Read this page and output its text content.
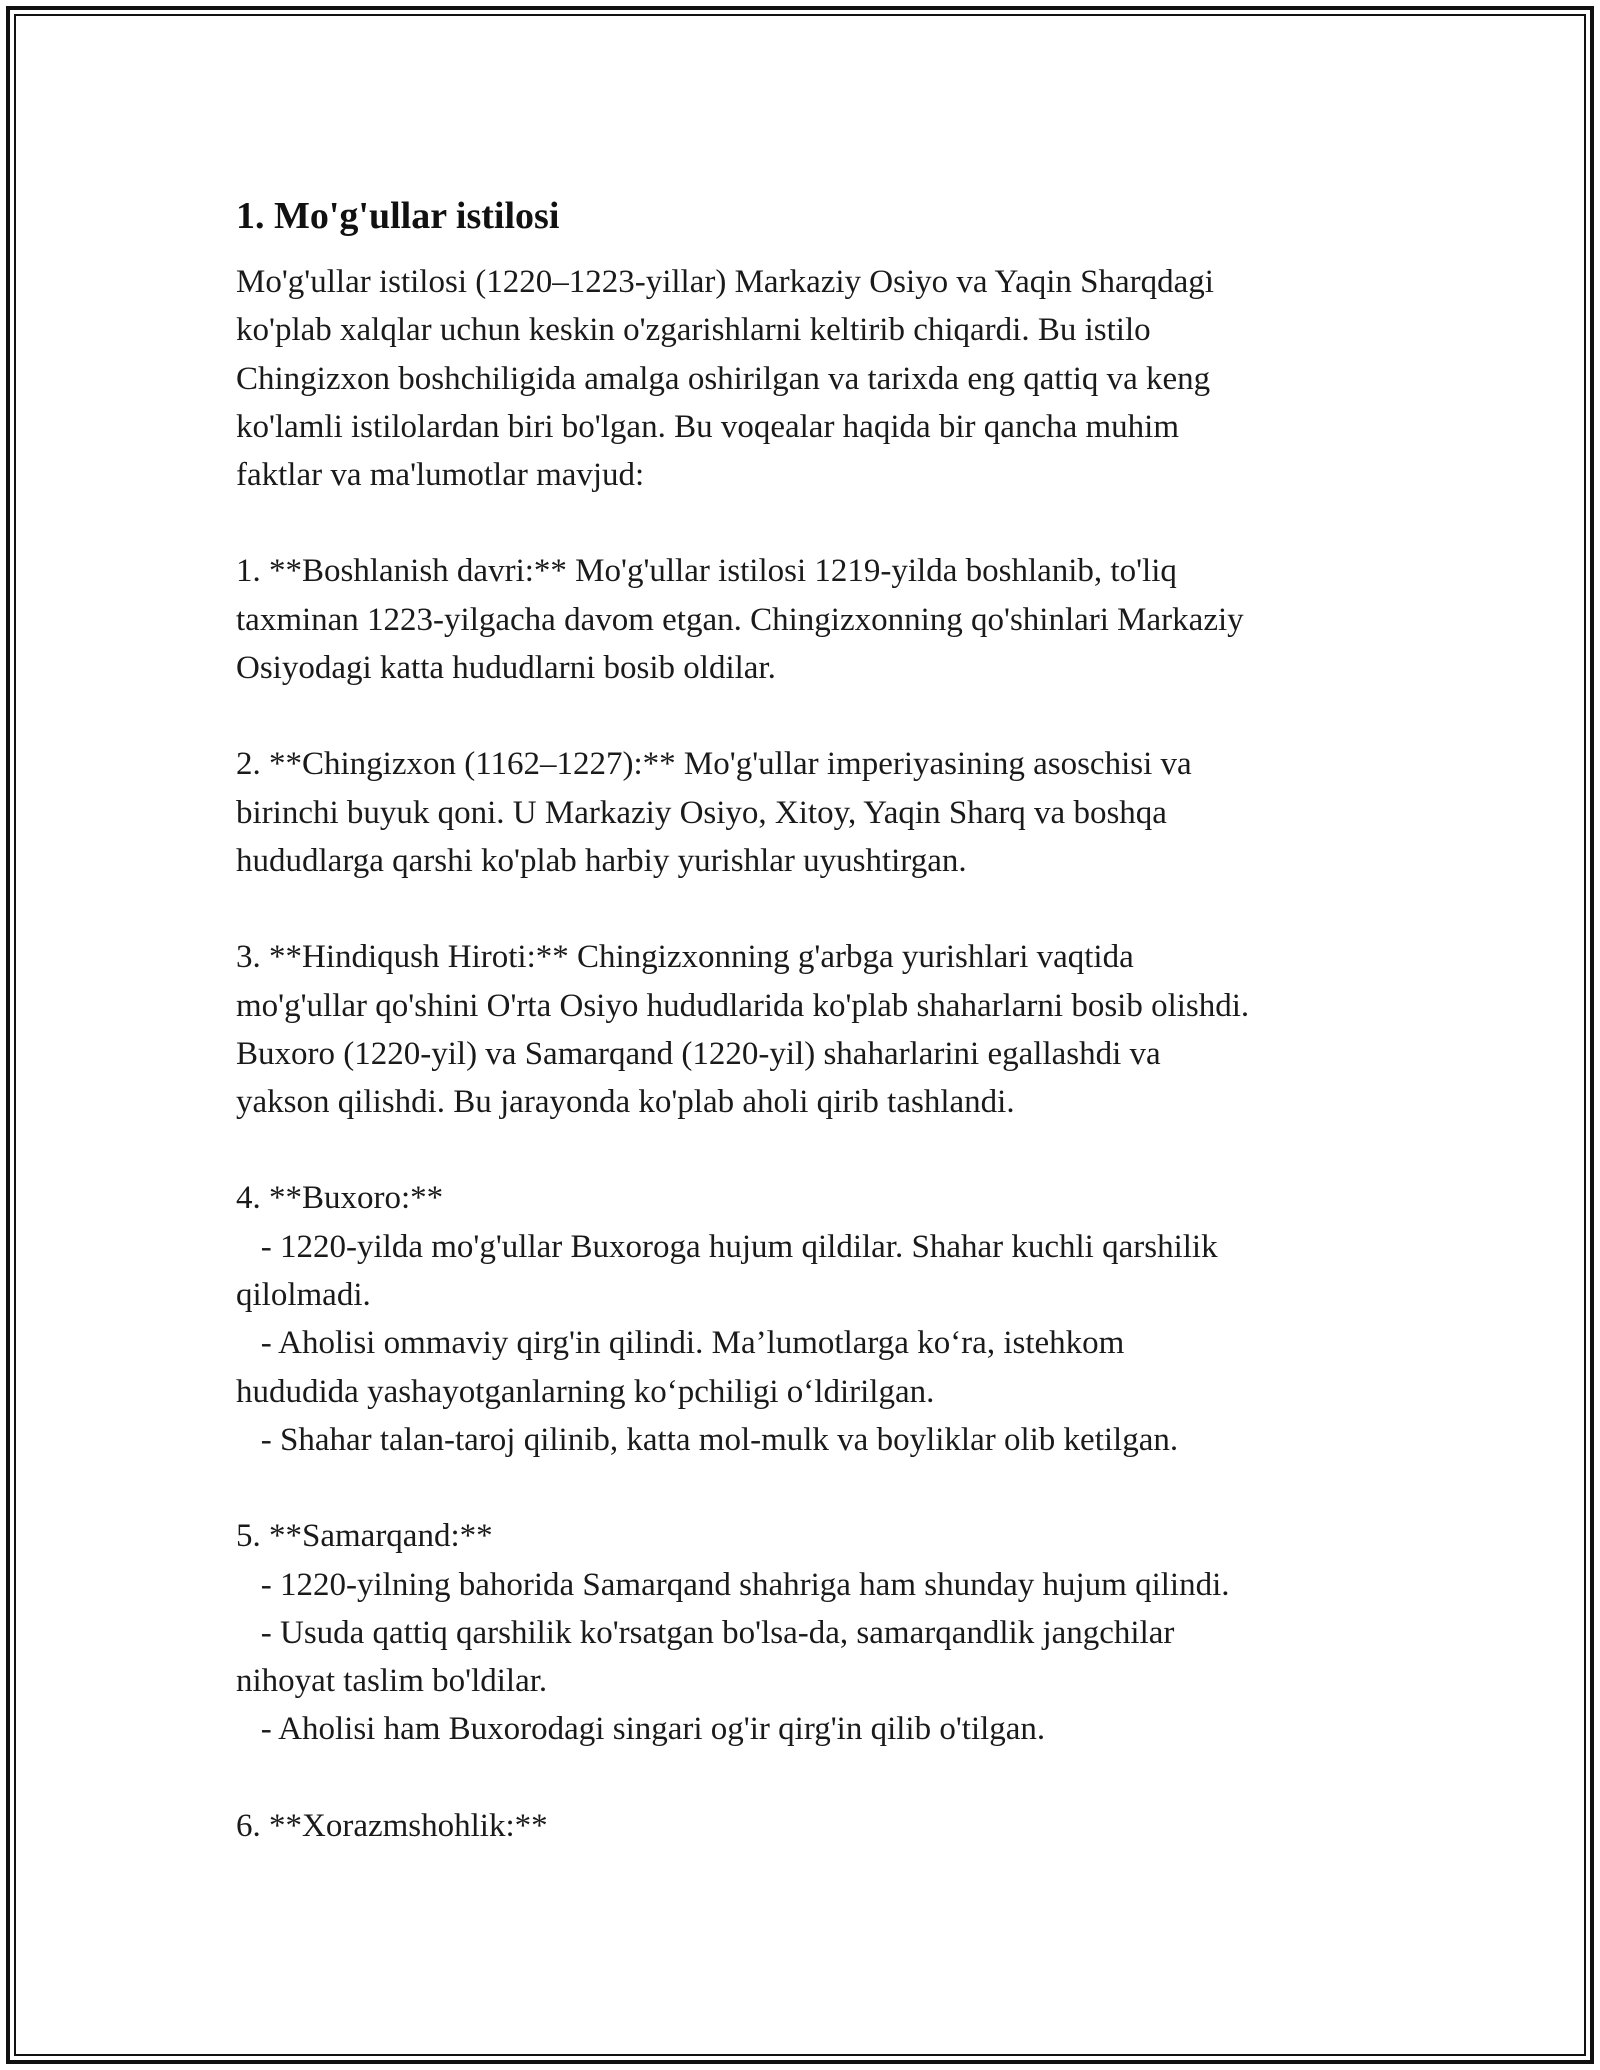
1. Mo'g'ullar istilosi
Mo'g'ullar istilosi (1220–1223-yillar) Markaziy Osiyo va Yaqin Sharqdagi
ko'plab xalqlar uchun keskin o'zgarishlarni keltirib chiqardi. Bu istilo
Chingizxon boshchiligida amalga oshirilgan va tarixda eng qattiq va keng
ko'lamli istilolardan biri bo'lgan. Bu voqealar haqida bir qancha muhim
faktlar va ma'lumotlar mavjud:
1. **Boshlanish davri:** Mo'g'ullar istilosi 1219-yilda boshlanib, to'liq
taxminan 1223-yilgacha davom etgan. Chingizxonning qo'shinlari Markaziy
Osiyodagi katta hududlarni bosib oldilar.
2. **Chingizxon (1162–1227):** Mo'g'ullar imperiyasining asoschisi va
birinchi buyuk qoni. U Markaziy Osiyo, Xitoy, Yaqin Sharq va boshqa
hududlarga qarshi ko'plab harbiy yurishlar uyushtirgan.
3. **Hindiqush Hiroti:** Chingizxonning g'arbga yurishlari vaqtida
mo'g'ullar qo'shini O'rta Osiyo hududlarida ko'plab shaharlarni bosib olishdi.
Buxoro (1220-yil) va Samarqand (1220-yil) shaharlarini egallashdi va
yakson qilishdi. Bu jarayonda ko'plab aholi qirib tashlandi.
4. **Buxoro:**
- 1220-yilda mo'g'ullar Buxoroga hujum qildilar. Shahar kuchli qarshilik
qilolmadi.
- Aholisi ommaviy qirg'in qilindi. Ma’lumotlarga ko‘ra, istehkom
hududida yashayotganlarning ko‘pchiligi o‘ldirilgan.
- Shahar talan-taroj qilinib, katta mol-mulk va boyliklar olib ketilgan.
5. **Samarqand:**
- 1220-yilning bahorida Samarqand shahriga ham shunday hujum qilindi.
- Usuda qattiq qarshilik ko'rsatgan bo'lsa-da, samarqandlik jangchilar
nihoyat taslim bo'ldilar.
- Aholisi ham Buxorodagi singari og'ir qirg'in qilib o'tilgan.
6. **Xorazmshohlik:**
